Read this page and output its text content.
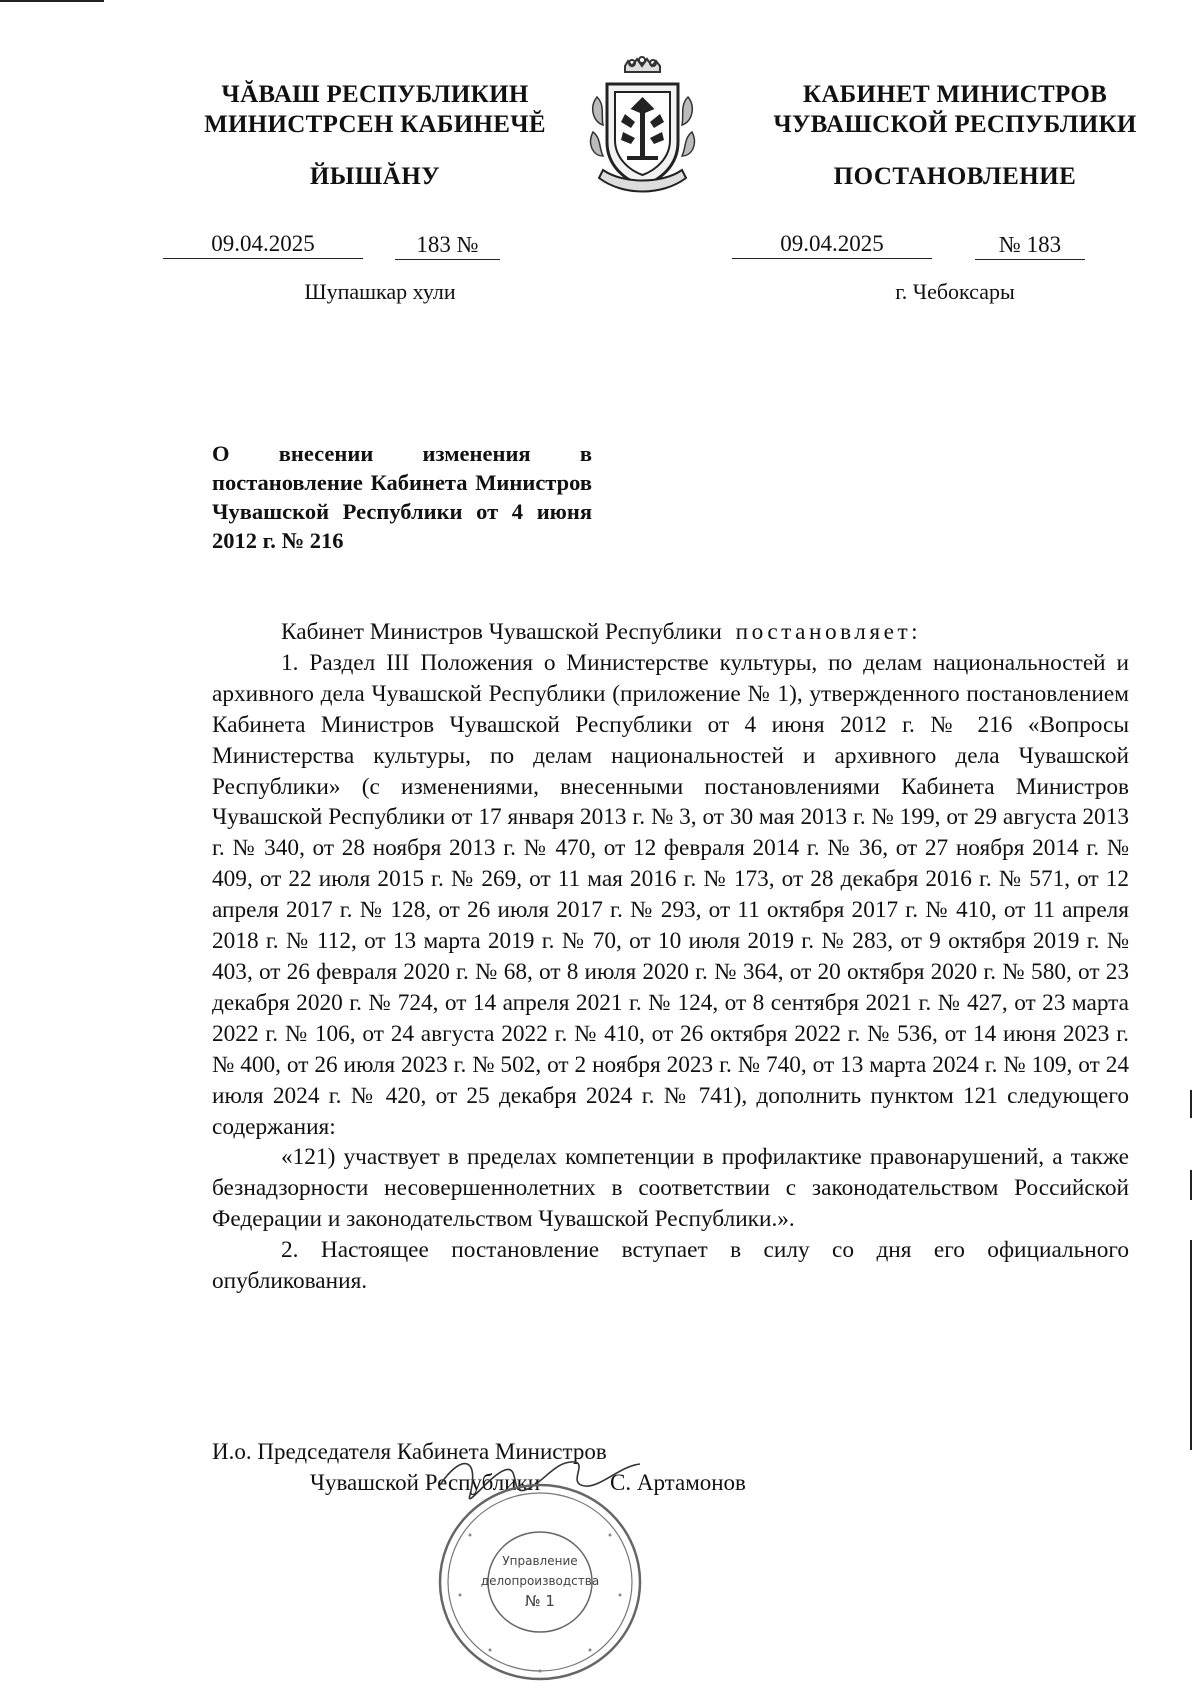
ЧĂВАШ РЕСПУБЛИКИН
МИНИСТРСЕН КАБИНЕЧĔ
ЙЫШĂНУ
09.04.2025	183 №
Шупашкар хули
КАБИНЕТ МИНИСТРОВ
ЧУВАШСКОЙ РЕСПУБЛИКИ
ПОСТАНОВЛЕНИЕ
09.04.2025	№ 183
г. Чебоксары
О внесении изменения в постановление Кабинета Министров Чувашской Республики от 4 июня 2012 г. № 216

Кабинет Министров Чувашской Республики постановляет:

1. Раздел III Положения о Министерстве культуры, по делам национальностей и архивного дела Чувашской Республики (приложение № 1), утвержденного постановлением Кабинета Министров Чувашской Республики от 4 июня 2012 г. № 216 «Вопросы Министерства культуры, по делам национальностей и архивного дела Чувашской Республики» (с изменениями, внесенными постановлениями Кабинета Министров Чувашской Республики от 17 января 2013 г. № 3, от 30 мая 2013 г. № 199, от 29 августа 2013 г. № 340, от 28 ноября 2013 г. № 470, от 12 февраля 2014 г. № 36, от 27 ноября 2014 г. № 409, от 22 июля 2015 г. № 269, от 11 мая 2016 г. № 173, от 28 декабря 2016 г. № 571, от 12 апреля 2017 г. № 128, от 26 июля 2017 г. № 293, от 11 октября 2017 г. № 410, от 11 апреля 2018 г. № 112, от 13 марта 2019 г. № 70, от 10 июля 2019 г. № 283, от 9 октября 2019 г. № 403, от 26 февраля 2020 г. № 68, от 8 июля 2020 г. № 364, от 20 октября 2020 г. № 580, от 23 декабря 2020 г. № 724, от 14 апреля 2021 г. № 124, от 8 сентября 2021 г. № 427, от 23 марта 2022 г. № 106, от 24 августа 2022 г. № 410, от 26 октября 2022 г. № 536, от 14 июня 2023 г. № 400, от 26 июля 2023 г. № 502, от 2 ноября 2023 г. № 740, от 13 марта 2024 г. № 109, от 24 июля 2024 г. № 420, от 25 декабря 2024 г. № 741), дополнить пунктом 121 следующего содержания:

«121) участвует в пределах компетенции в профилактике правонарушений, а также безнадзорности несовершеннолетних в соответствии с законодательством Российской Федерации и законодательством Чувашской Республики.».

2. Настоящее постановление вступает в силу со дня его официального опубликования.

И.о. Председателя Кабинета Министров
Чувашской Республики	С. Артамонов
Управление
делопроизводства
№ 1
